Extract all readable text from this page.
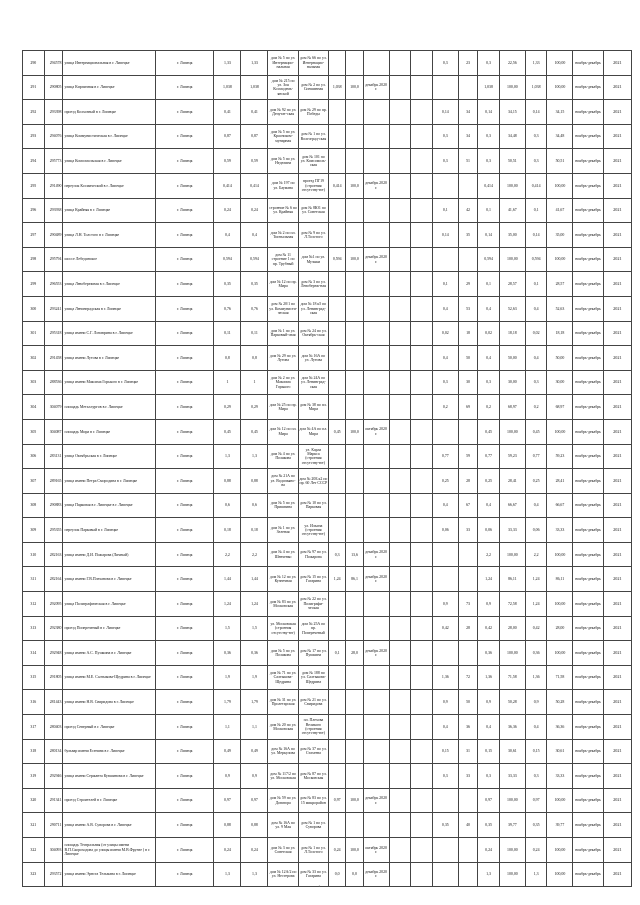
290	294578	улица Интернациональная в г. Липецке	г. Липецк	1,33	1,33	дом № 5 по ул. Интернацио-нальная	дом № 66 по ул. Интернацио-нальная						0,3	23	0,3	22,56	1,33	100,00	ноябрь-декабрь	2021
291	290805	улица Кирпичная в г. Липецке	г. Липецк	1,038	1,038	дом № 215 по ул. Зоя Космодемь-янской	дом № 2 по ул. Спешинная	1,038	100,0	декабрь 2020 г.					1,038	100,00	1,038	100,00	ноябрь-декабрь	2021
292	293398	проезд Колхозный в г. Липецке	г. Липецк	0,41	0,41	дом № 92 по ул. Депутат-ская	дом № 29 по пр. Победы						0,14	34	0,14	34,15	0,14	34,15	ноябрь-декабрь	2021
293	294076	улица Коммунистическая в г. Липецке	г. Липецк	0,87	0,87	дом № 5 по ул. Красноком-мунарная	дом № 1 по ул. Волгоград-ская						0,3	34	0,3	34,48	0,3	34,48	ноябрь-декабрь	2021
294	295773	улица Комсомольская в г. Липецке	г. Липецк	0,59	0,59	дом № 5 по ул. Неделина	дом № 101 по ул. Комсомоль-ская						0,3	51	0,3	50,51	0,3	50,51	ноябрь-декабрь	2021
295	291490	переулок Космический в г. Липецке	г. Липецк	0,414	0,414	дом № 197 по ул. Баумана	проезд ПГ19 (строения отсутству-ют)	0,414	100,0	декабрь 2020 г.					0,414	100,00	0,414	100,00	ноябрь-декабрь	2021
296	293938	улица Крайняя в г. Липецке	г. Липецк	0,24	0,24	строение № 6 по ул. Крайняя	дом № 8Ю1 по ул. Советская						0,1	42	0,1	41,67	0,1	41,67	ноябрь-декабрь	2021
297	290489	улица Л.Н. Толстого в г. Липецке	г. Липецк	0,4	0,4	дом № 2 по пл. Типтыльная	дом № 9 по ул. Л.Толстого						0,14	35	0,14	35,00	0,14	35,00	ноябрь-декабрь	2021
298	295794	шоссе Лебединское	г. Липецк	0,594	0,594	дом № 11 строение 1 по пр. Трубный	дом №1 по ул. Музыки	0,594	100,0	декабрь 2020 г.					0,594	100,00	0,594	100,00	ноябрь-декабрь	2021
299	296553	улица Левобережная в г. Липецке	г. Липецк	0,35	0,35	дом № 12 по пр. Мира	дом № 3 по ул. Левобереж-ная						0,1	29	0,1	28,57	0,1	28,57	ноябрь-декабрь	2021
300	293241	улица Ленинградская в г. Липецке	г. Липецк	0,76	0,76	дом № 20/1 по ул. Коммунисти-ческая	дом № 18 к5 по ул. Ленинград-ская						0,4	53	0,4	52,63	0,4	52,63	ноябрь-декабрь	2021
301	295318	улица имени С.Г. Литаврина в г. Липецке	г. Липецк	0,11	0,11	дом № 1 по ул. Парковый-свая	дом № 24 по ул. Октябрь-ская						0,02	18	0,02	18,18	0,02	18,18	ноябрь-декабрь	2021
302	291458	улица имени Лутова в г. Липецке	г. Липецк	0,8	0,8	дом № 29 по ул. Лутова	дом № 16А по ул. Лутова						0,4	50	0,4	50,00	0,4	50,00	ноябрь-декабрь	2021
303	288536	улица имени Максима Горького в г. Липецке	г. Липецк	1	1	дом № 2 по ул. Максима Горького	дом № 24А по ул. Ленинград-ская						0,3	30	0,3	30,00	0,3	30,00	ноябрь-декабрь	2021
304	304079	площадь Металлургов в г. Липецке	г. Липецк	0,29	0,29	дом № 25 по пр. Мира	дом № 38 по пл. Мира						0,2	69	0,2	68,97	0,2	68,97	ноябрь-декабрь	2021
305	304087	площадь Мира в г. Липецке	г. Липецк	0,45	0,45	дом № 12 по пл. Мира	дом № 4А по пл. Мира	0,45	100,0	октябрь 2020 г.					0,45	100,00	0,45	100,00	ноябрь-декабрь	2021
306	283131	улица Октябрьская в г. Липецке	г. Липецк	1,3	1,3	дом № 4 по ул. Полякова	ул. Карла Маркса (строения отсутству-ют)						0,77	59	0,77	59,23	0,77	59,23	ноябрь-декабрь	2021
307	289165	улица имени Петра Смородина в г. Липецке	г. Липецк	0,88	0,88	дом № 21А по ул. Водопьяно-ва	дом № 20Б к2 по пр. 60 Лет СССР						0,25	28	0,25	28,41	0,25	28,41	ноябрь-декабрь	2021
308	290883	улица Парковая в г. Липецке в г. Липецке	г. Липецк	0,6	0,6	дом № 5 по ул. Пришвина	дом № 10 по ул. Парковая						0,4	67	0,4	66,67	0,4	66,67	ноябрь-декабрь	2021
309	295355	переулок Парковый в г. Липецке	г. Липецк	0,18	0,18	дом № 1 по ул. Зеленая	ул. Ильича (строения отсутству-ют)						0,06	33	0,06	33,33	0,06	33,33	ноябрь-декабрь	2021
310	282163	улица имени Д.И. Пожарова (Личный)	г. Липецк	2,2	2,2	дом № 4 по ул. Шевченко	дом № 97 по ул. Пожарова	0,3	13,6	декабрь 2020 г.					2,2	100,00	2,2	100,00	ноябрь-декабрь	2021
311	282164	улица имени Г.В.Плеханова в г. Липецке	г. Липецк	1,44	1,44	дом № 12 по ул. Кузнечная	дом № 15 по ул. Гагарина	1,24	86,1	декабрь 2020 г.					1,24	86,11	1,24	86,11	ноябрь-декабрь	2021
312	292095	улица Полиграфическая в г. Липецке	г. Липецк	1,24	1,24	дом № 83 по ул. Московская	дом № 22 по ул. Полиграфи-ческая						0,9	73	0,9	72,58	1,24	100,00	ноябрь-декабрь	2021
313	292380	проезд Попереченый в г. Липецке	г. Липецк	1,5	1,5	ул. Московская (строения отсутству-ют)	дом № 25А по пр. Попереченый						0,42	28	0,42	28,00	0,42	28,00	ноябрь-декабрь	2021
314	292948	улица имени А.С. Пушкина в г. Липецке	г. Липецк	0,36	0,36	дом № 5 по ул. Полякова	дом № 17 по ул. Пушкина	0,1	28,0	декабрь 2020 г.					0,36	100,00	0,36	100,00	ноябрь-декабрь	2021
315	291805	улица имени М.Е. Салтыкова-Щедрина в г. Липецке	г. Липецк	1,9	1,9	дом № 71 по ул. Салтыкова-Щедрина	дом № 188 по ул. Салтыкова-Щедрина						1,36	72	1,36	71,58	1,36	71,58	ноябрь-декабрь	2021
316	281443	улица имени Н.В. Свиридова в г. Липецке	г. Липецк	1,79	1,79	дом № 31 по ул. Пролетарская	дом № 21 по ул. Свиридова						0,9	50	0,9	50,28	0,9	50,28	ноябрь-декабрь	2021
317	280403	проезд Северный в г. Липецке	г. Липецк	1,1	1,1	дом № 20 по ул. Московская	пл. Плехова Великого (строения отсутству-ют)						0,4	36	0,4	36,36	0,4	36,36	ноябрь-декабрь	2021
318	280134	бульвар имени Есенина в г. Липецке	г. Липецк	0,49	0,49	дом № 16А по ул. Меркулова	дом № 37 по ул. Стахеева						0,15	31	0,15	30,61	0,15	30,61	ноябрь-декабрь	2021
319	292946	улица имени Сержанта Кувшинова в г. Липецке	г. Липецк	0,9	0,9	дом № 117/2 по ул. Московская	дом № 87 по ул. Московская						0,3	33	0,3	33,33	0,3	33,33	ноябрь-декабрь	2021
320	291341	проезд Строителей в г. Липецке	г. Липецк	0,97	0,97	дом № 59 по ул. Доватора	дом № 83 по ул. 15 микрорайон	0,97	100,0	декабрь 2020 г.					0,97	100,00	0,97	100,00	ноябрь-декабрь	2021
321	290711	улица имени А.В. Суворова в г. Липецке	г. Липецк	0,88	0,88	дом № 16А по ул. 9 Мая	дом № 1 по ул. Суворова						0,35	40	0,35	39,77	0,35	39,77	ноябрь-декабрь	2021
322	304093	площадь Театральная (от улицы имени В.П.Скороходова до улицы имени М.В.Фрунзе ) в г. Липецке	г. Липецк	0,24	0,24	дом № 3 по ул. Советская	дом № 1 по ул. Л.Толстого	0,24	100,0	октябрь 2020 г.					0,24	100,00	0,24	100,00	ноябрь-декабрь	2021
323	293572	улица имени Эрнста Тельмана в г. Липецке	г. Липецк	1,3	1,3	дом № 12А/2 по ул. Нестерова	дом № 33 по ул. Гагарина	0,0	0,0	декабрь 2020 г.					1,3	100,00	1,3	100,00	ноябрь-декабрь	2021
·
